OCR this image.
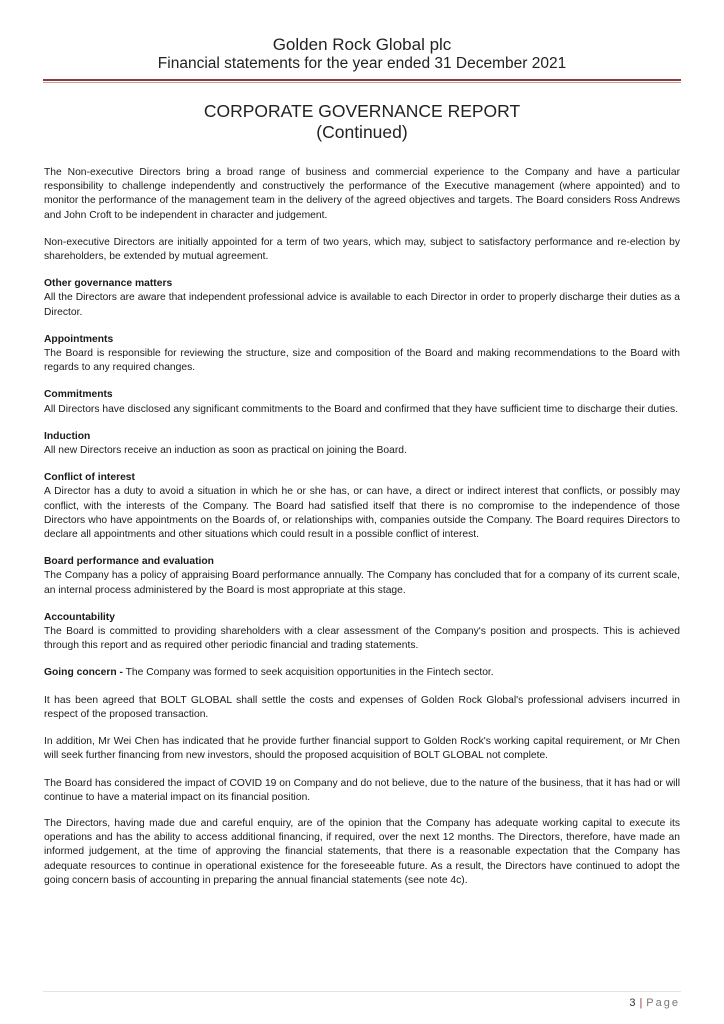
Golden Rock Global plc
Financial statements for the year ended 31 December 2021
CORPORATE GOVERNANCE REPORT
(Continued)

The Non-executive Directors bring a broad range of business and commercial experience to the Company and have a particular responsibility to challenge independently and constructively the performance of the Executive management (where appointed) and to monitor the performance of the management team in the delivery of the agreed objectives and targets. The Board considers Ross Andrews and John Croft to be independent in character and judgement.

Non-executive Directors are initially appointed for a term of two years, which may, subject to satisfactory performance and re-election by shareholders, be extended by mutual agreement.

Other governance matters

All the Directors are aware that independent professional advice is available to each Director in order to properly discharge their duties as a Director.

Appointments

The Board is responsible for reviewing the structure, size and composition of the Board and making recommendations to the Board with regards to any required changes.

Commitments

All Directors have disclosed any significant commitments to the Board and confirmed that they have sufficient time to discharge their duties.

Induction

All new Directors receive an induction as soon as practical on joining the Board.

Conflict of interest

A Director has a duty to avoid a situation in which he or she has, or can have, a direct or indirect interest that conflicts, or possibly may conflict, with the interests of the Company. The Board had satisfied itself that there is no compromise to the independence of those Directors who have appointments on the Boards of, or relationships with, companies outside the Company. The Board requires Directors to declare all appointments and other situations which could result in a possible conflict of interest.

Board performance and evaluation

The Company has a policy of appraising Board performance annually. The Company has concluded that for a company of its current scale, an internal process administered by the Board is most appropriate at this stage.

Accountability

The Board is committed to providing shareholders with a clear assessment of the Company's position and prospects. This is achieved through this report and as required other periodic financial and trading statements.

Going concern - The Company was formed to seek acquisition opportunities in the Fintech sector.

It has been agreed that BOLT GLOBAL shall settle the costs and expenses of Golden Rock Global's professional advisers incurred in respect of the proposed transaction.

In addition, Mr Wei Chen has indicated that he provide further financial support to Golden Rock's working capital requirement, or Mr Chen will seek further financing from new investors, should the proposed acquisition of BOLT GLOBAL not complete.

The Board has considered the impact of COVID 19 on Company and do not believe, due to the nature of the business, that it has had or will continue to have a material impact on its financial position.

The Directors, having made due and careful enquiry, are of the opinion that the Company has adequate working capital to execute its operations and has the ability to access additional financing, if required, over the next 12 months. The Directors, therefore, have made an informed judgement, at the time of approving the financial statements, that there is a reasonable expectation that the Company has adequate resources to continue in operational existence for the foreseeable future. As a result, the Directors have continued to adopt the going concern basis of accounting in preparing the annual financial statements (see note 4c).

3 | Page
